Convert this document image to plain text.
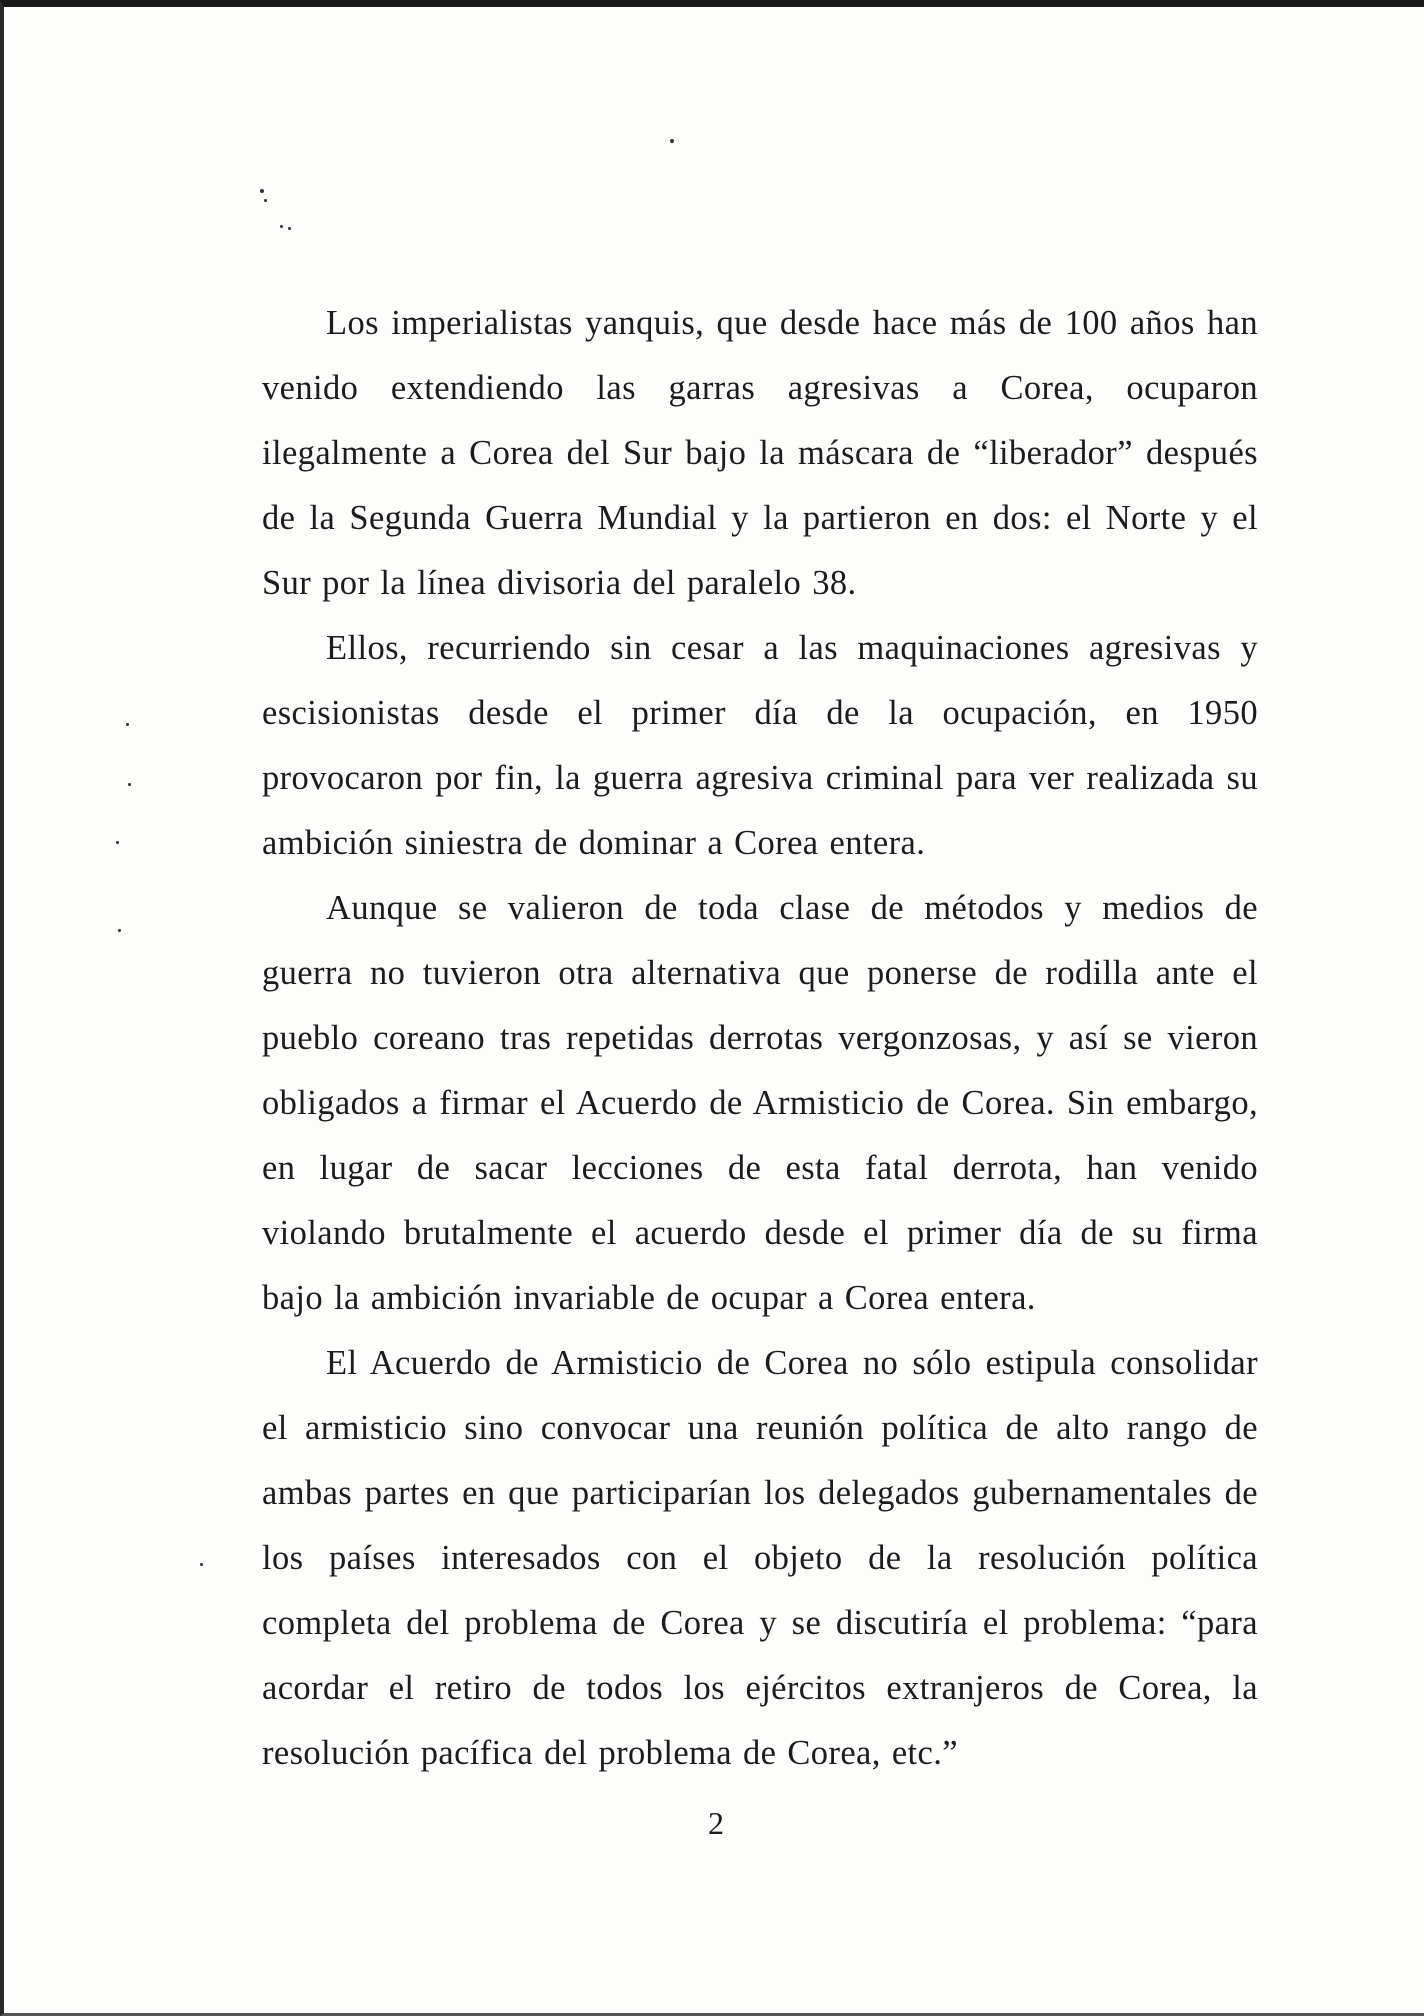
Los imperialistas yanquis, que desde hace más de 100 años han venido extendiendo las garras agresivas a Corea, ocuparon ilegalmente a Corea del Sur bajo la máscara de “liberador” después de la Segunda Guerra Mundial y la partieron en dos: el Norte y el Sur por la línea divisoria del paralelo 38.

Ellos, recurriendo sin cesar a las maquinaciones agresivas y escisionistas desde el primer día de la ocupación, en 1950 provocaron por fin, la guerra agresiva criminal para ver realizada su ambición siniestra de dominar a Corea entera.

Aunque se valieron de toda clase de métodos y medios de guerra no tuvieron otra alternativa que ponerse de rodilla ante el pueblo coreano tras repetidas derrotas vergonzosas, y así se vieron obligados a firmar el Acuerdo de Armisticio de Corea. Sin embargo, en lugar de sacar lecciones de esta fatal derrota, han venido violando brutalmente el acuerdo desde el primer día de su firma bajo la ambición invariable de ocupar a Corea entera.

El Acuerdo de Armisticio de Corea no sólo estipula consolidar el armisticio sino convocar una reunión política de alto rango de ambas partes en que participarían los delegados gubernamentales de los países interesados con el objeto de la resolución política completa del problema de Corea y se discutiría el problema: “para acordar el retiro de todos los ejércitos extranjeros de Corea, la resolución pacífica del problema de Corea, etc.”

2
